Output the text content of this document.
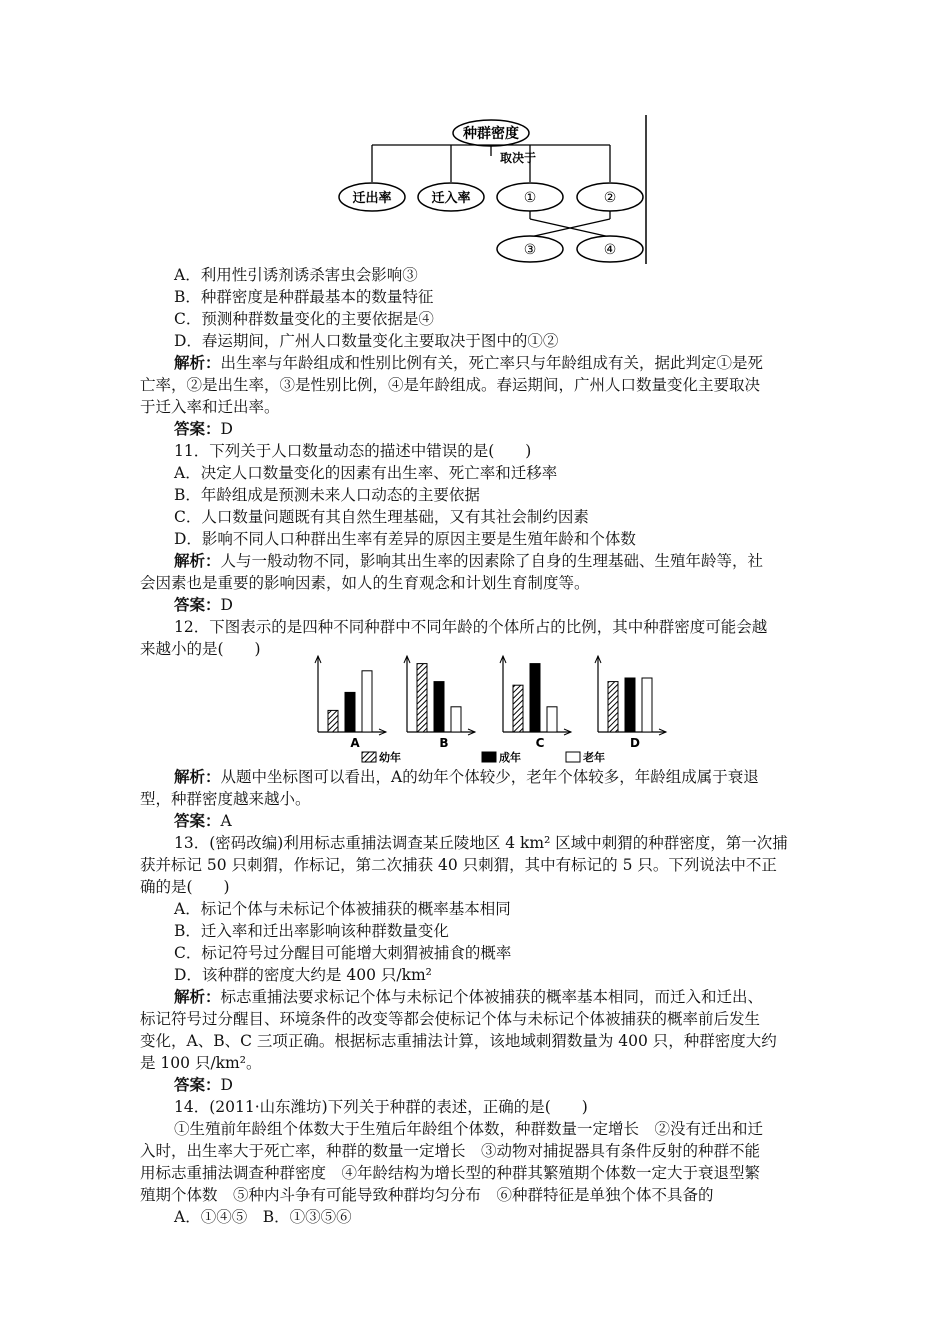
种群密度
取决于
迁出率	迁入率	①	②
③	④
A．利用性引诱剂诱杀害虫会影响③
B．种群密度是种群最基本的数量特征
C．预测种群数量变化的主要依据是④
D．春运期间，广州人口数量变化主要取决于图中的①②
解析：出生率与年龄组成和性别比例有关，死亡率只与年龄组成有关，据此判定①是死
亡率，②是出生率，③是性别比例，④是年龄组成。春运期间，广州人口数量变化主要取决
于迁入率和迁出率。
答案：D
11．下列关于人口数量动态的描述中错误的是(　　)
A．决定人口数量变化的因素有出生率、死亡率和迁移率
B．年龄组成是预测未来人口动态的主要依据
C．人口数量问题既有其自然生理基础，又有其社会制约因素
D．影响不同人口种群出生率有差异的原因主要是生殖年龄和个体数
解析：人与一般动物不同，影响其出生率的因素除了自身的生理基础、生殖年龄等，社
会因素也是重要的影响因素，如人的生育观念和计划生育制度等。
答案：D
12．下图表示的是四种不同种群中不同年龄的个体所占的比例，其中种群密度可能会越
来越小的是(　　)
A	B	C	D
幼年	成年	老年
解析：从题中坐标图可以看出，A的幼年个体较少，老年个体较多，年龄组成属于衰退
型，种群密度越来越小。
答案：A
13．(密码改编)利用标志重捕法调查某丘陵地区 4 km² 区域中刺猬的种群密度，第一次捕
获并标记 50 只刺猬，作标记，第二次捕获 40 只刺猬，其中有标记的 5 只。下列说法中不正
确的是(　　)
A．标记个体与未标记个体被捕获的概率基本相同
B．迁入率和迁出率影响该种群数量变化
C．标记符号过分醒目可能增大刺猬被捕食的概率
D．该种群的密度大约是 400 只/km²
解析：标志重捕法要求标记个体与未标记个体被捕获的概率基本相同，而迁入和迁出、
标记符号过分醒目、环境条件的改变等都会使标记个体与未标记个体被捕获的概率前后发生
变化，A、B、C 三项正确。根据标志重捕法计算，该地域刺猬数量为 400 只，种群密度大约
是 100 只/km²。
答案：D
14．(2011·山东潍坊)下列关于种群的表述，正确的是(　　)
①生殖前年龄组个体数大于生殖后年龄组个体数，种群数量一定增长　②没有迁出和迁
入时，出生率大于死亡率，种群的数量一定增长　③动物对捕捉器具有条件反射的种群不能
用标志重捕法调查种群密度　④年龄结构为增长型的种群其繁殖期个体数一定大于衰退型繁
殖期个体数　⑤种内斗争有可能导致种群均匀分布　⑥种群特征是单独个体不具备的
A．①④⑤　B．①③⑤⑥
